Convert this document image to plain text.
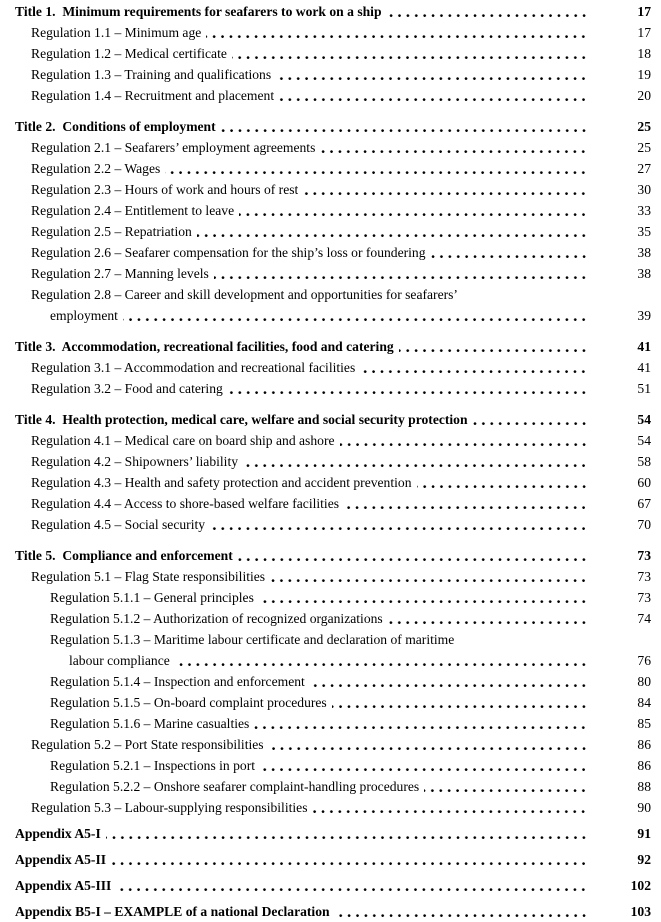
Title 1.  Minimum requirements for seafarers to work on a ship	17
Regulation 1.1 – Minimum age	17
Regulation 1.2 – Medical certificate	18
Regulation 1.3 – Training and qualifications	19
Regulation 1.4 – Recruitment and placement	20
Title 2.  Conditions of employment	25
Regulation 2.1 – Seafarers’ employment agreements	25
Regulation 2.2 – Wages	27
Regulation 2.3 – Hours of work and hours of rest	30
Regulation 2.4 – Entitlement to leave	33
Regulation 2.5 – Repatriation	35
Regulation 2.6 – Seafarer compensation for the ship’s loss or foundering	38
Regulation 2.7 – Manning levels	38
Regulation 2.8 – Career and skill development and opportunities for seafarers’
employment	39
Title 3.  Accommodation, recreational facilities, food and catering	41
Regulation 3.1 – Accommodation and recreational facilities	41
Regulation 3.2 – Food and catering	51
Title 4.  Health protection, medical care, welfare and social security protection	54
Regulation 4.1 – Medical care on board ship and ashore	54
Regulation 4.2 – Shipowners’ liability	58
Regulation 4.3 – Health and safety protection and accident prevention	60
Regulation 4.4 – Access to shore-based welfare facilities	67
Regulation 4.5 – Social security	70
Title 5.  Compliance and enforcement	73
Regulation 5.1 – Flag State responsibilities	73
Regulation 5.1.1 – General principles	73
Regulation 5.1.2 – Authorization of recognized organizations	74
Regulation 5.1.3 – Maritime labour certificate and declaration of maritime
labour compliance	76
Regulation 5.1.4 – Inspection and enforcement	80
Regulation 5.1.5 – On-board complaint procedures	84
Regulation 5.1.6 – Marine casualties	85
Regulation 5.2 – Port State responsibilities	86
Regulation 5.2.1 – Inspections in port	86
Regulation 5.2.2 – Onshore seafarer complaint-handling procedures	88
Regulation 5.3 – Labour-supplying responsibilities	90
Appendix A5-I	91
Appendix A5-II	92
Appendix A5-III	102
Appendix B5-I – EXAMPLE of a national Declaration	103
